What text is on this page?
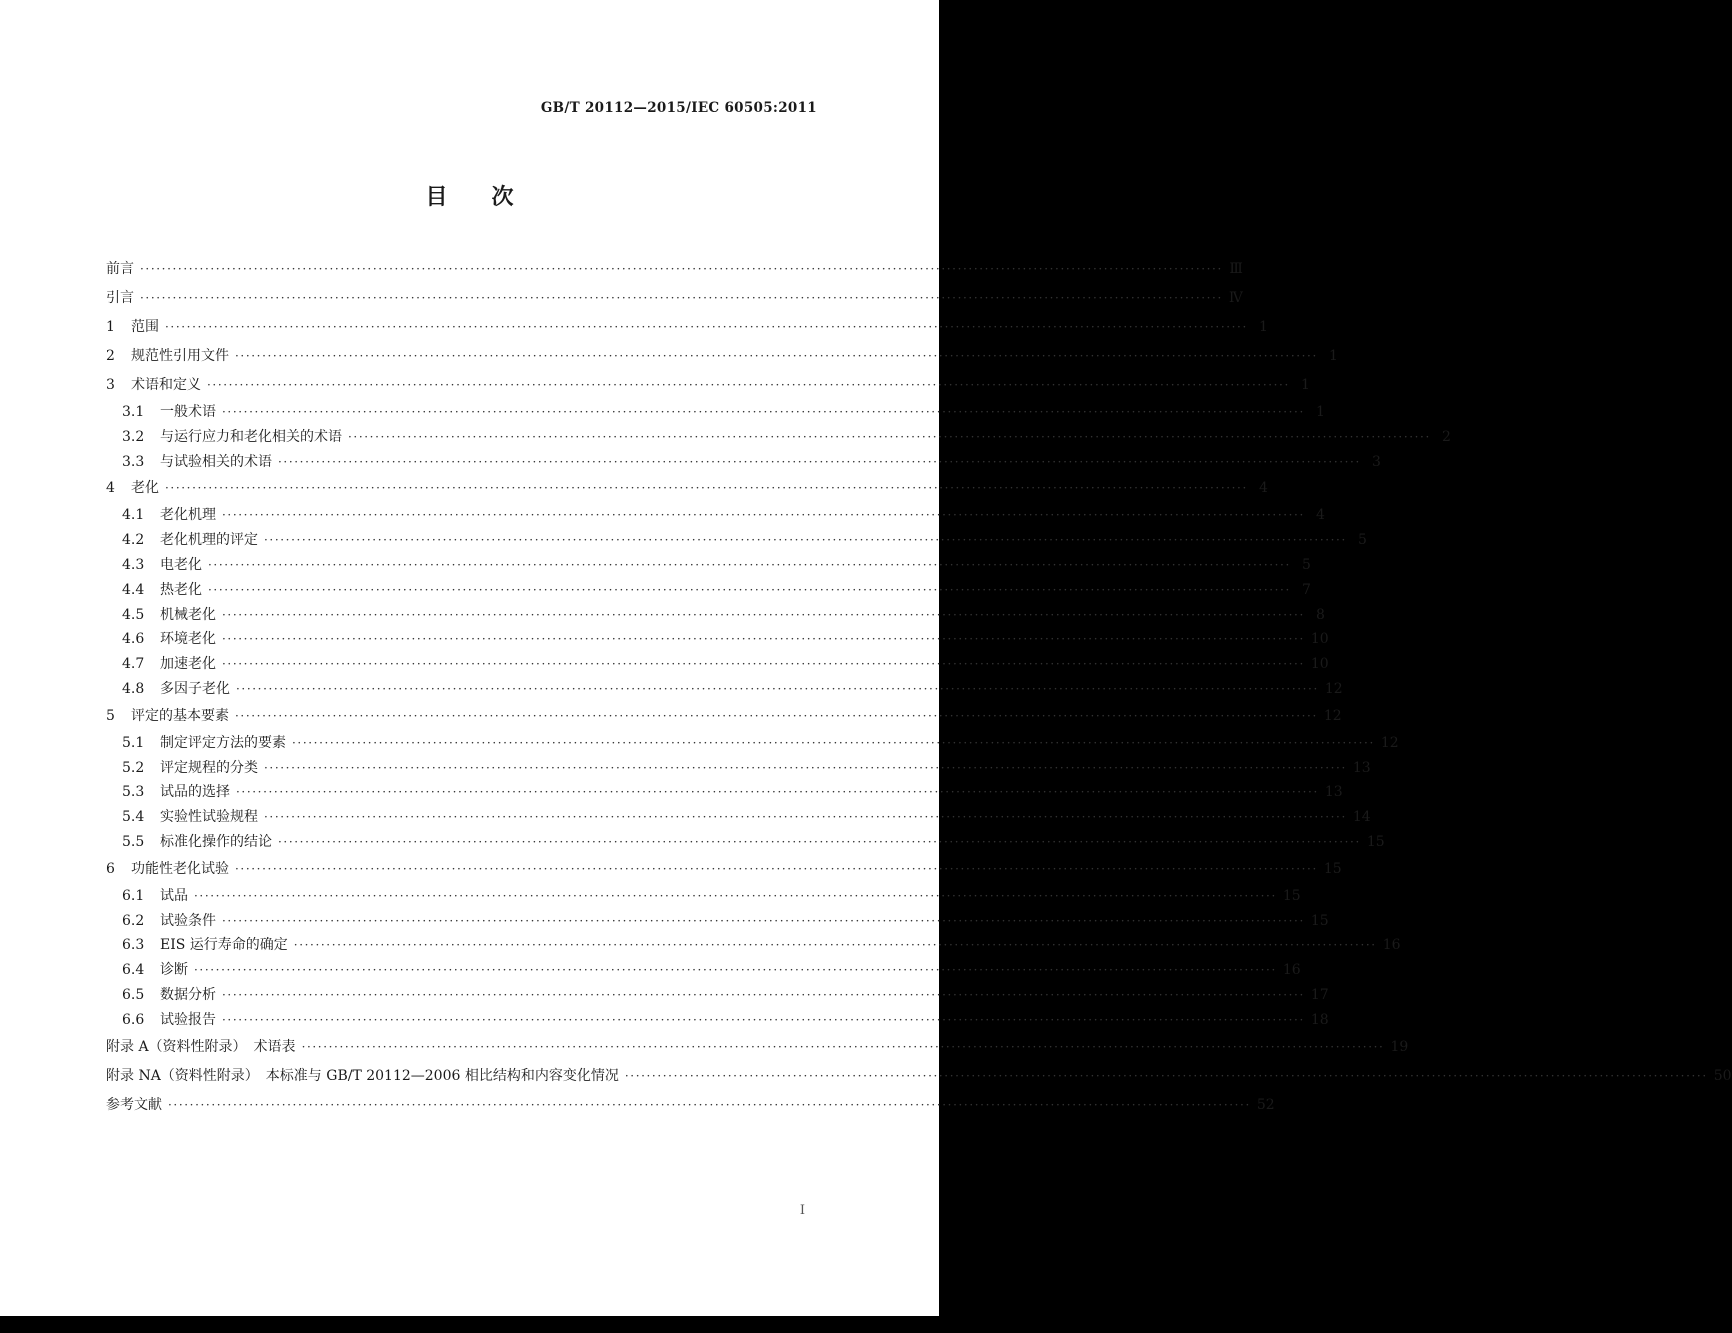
GB/T 20112—2015/IEC 60505:2011
目次
前言 ········································································································································································································ Ⅲ
引言 ········································································································································································································ Ⅳ
1	范围 ········································································································································································································ 1
2	规范性引用文件 ········································································································································································································ 1
3	术语和定义 ········································································································································································································ 1
3.1	一般术语 ········································································································································································································ 1
3.2	与运行应力和老化相关的术语 ········································································································································································································ 2
3.3	与试验相关的术语 ········································································································································································································ 3
4	老化 ········································································································································································································ 4
4.1	老化机理 ········································································································································································································ 4
4.2	老化机理的评定 ········································································································································································································ 5
4.3	电老化 ········································································································································································································ 5
4.4	热老化 ········································································································································································································ 7
4.5	机械老化 ········································································································································································································ 8
4.6	环境老化 ········································································································································································································ 10
4.7	加速老化 ········································································································································································································ 10
4.8	多因子老化 ········································································································································································································ 12
5	评定的基本要素 ········································································································································································································ 12
5.1	制定评定方法的要素 ········································································································································································································ 12
5.2	评定规程的分类 ········································································································································································································ 13
5.3	试品的选择 ········································································································································································································ 13
5.4	实验性试验规程 ········································································································································································································ 14
5.5	标准化操作的结论 ········································································································································································································ 15
6	功能性老化试验 ········································································································································································································ 15
6.1	试品 ········································································································································································································ 15
6.2	试验条件 ········································································································································································································ 15
6.3	EIS 运行寿命的确定 ········································································································································································································ 16
6.4	诊断 ········································································································································································································ 16
6.5	数据分析 ········································································································································································································ 17
6.6	试验报告 ········································································································································································································ 18
附录 A（资料性附录）　术语表 ········································································································································································································ 19
附录 NA（资料性附录）　本标准与 GB/T 20112—2006 相比结构和内容变化情况 ········································································································································································································ 50
参考文献 ········································································································································································································ 52
I
